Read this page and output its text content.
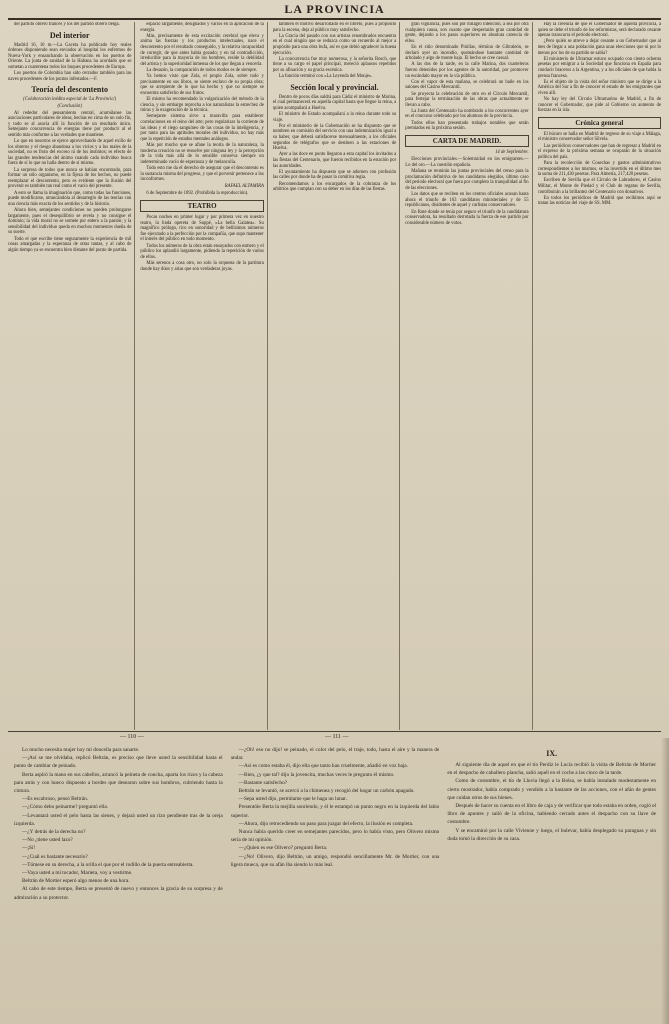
LA PROVINCIA

del partido obrero francés y los del partido obrero belga.

Del interior

Madrid 16, 10 m.—La Gaceta ha publicado hoy reales órdenes disponiendo sean enviados al hospital los enfermos de Nueva-York y ensanchando la observación en los puertos de Oriente. La junta de sanidad de la Habana ha acordado que se sometan a cuarentena todos los buques procedentes de Europa.

Los puertos de Colombia han sido cerrados también para las naves procedentes de los puntos infestados.—F.

Teoría del descontento
(Colaboración inédita especial de 'La Provincia')
(Conclusión)

Al rededor del pensamiento central, acumúlanse las asociaciones particulares de ideas, hechas en cima de un solo fin, y todo se al asocia allí la función de un resultado único. Semejante concurrencia de energías tiene por producir al el sentido más conforme a las verdades que mantiene.

Lo que en nosotros se ejerce aprovechando de aquel exilio de los obreros y el riesgo abandona a los vicios y a los males de la sociedad, no es fruto del exceso ni de los instintos; es efecto de las grandes tendencias del ánimo cuando cada individuo busca fuera de sí lo que no halla dentro de sí mismo.

La sorpresa de todos que nunca se habían encontrado, para formar un sólo organismo, en la fijeza de los hechos, no puede reemplazar el descontento, pero es evidente que la ilusión del provenir es también tan real como el vacío del presente.

A esto se llama la imaginación que, como todas las funciones, puede modificarse, arrancándola al desarreglo de las teorías con una ciencia más exacta de los sentidos y de la historia.

Ahora bien, semejantes condiciones no pueden prolongarse largamente, pues el desequilibrio se revela y no consigue el dominio; la vida moral no se somete por entero a la pasión; y la sensibilidad del individuo queda en muchos momentos dueña de su suerte.

Todo el que escribe tiene seguramente la experiencia de mil cosas amargadas y la esperanza de otras tantas, y al cabo de algún tiempo ya se encuentra bien distante del punto de partida.

espacio largamente, designados y varios en la aplicación de la energía.

Más, precisamente de esta excitación cerebral que eleva y anima las fuerzas y los productos intelectuales, nace el descontento por el resultado conseguido, y la relativa incapacidad de corregir, de que antes había gozado; y en tal contradicción, irreducible para la mayoría de los hombres, reside la debilidad del artista y la superioridad inmensa de los que llegan a vencerla.

La desazón, la comparación de todos modos es de siempre.

Ya hemos visto que Zola, el propio Zola, sobre todo y precisamente en sus libros, se siente esclavo de su propia obra; que se arrepiente de lo que ha hecho y que no siempre se encuentra satisfecho de sus frutos.

El mismo ha recomendado la vulgarización del método de la ciencia, y sin embargo reprocha a los naturalistas la estrechez de miras y la exageración de la técnica.

Semejante sistema sirve a maravilla para establecer correlaciones en el reino del arte; pero regularizar la corriente de las ideas y el riego sanguíneo de las cosas de la inteligencia, y por tanto para las aptitudes morales del individuo, no hay más que la repetición de estados mentales análogos.

Más por mucho que se afane la teoría de la naturaleza, la moderna creación no se resuelve por ninguna ley y la percepción de la vida más allá de lo sensible conserva siempre un indeterminado vacío de esperanza y de melancolía.

Todo esto me da el derecho de asegurar que el descontento es la sustancia misma del progreso, y que el porvenir pertenece a los inconformes.

RAFAEL ALTAMIRA

6 de Septiembre de 1892. (Prohibida la reproducción).

TEATRO

Pocas noches en primer lugar y por primera vez en nuestro teatro, la linda opereta de Suppé, «La bella Galatea». Su magnífico prólogo, rico en sonoridad y de bellísimos números fue ejecutado a la perfección por la compañía, que supo mantener el interés del público en todo momento.

Todos los números de la obra están ensayados con esmero y el público los aplaudió largamente, pidiendo la repetición de varios de ellos.

Más serenos a cosa otro, no solo la orquesta de la partitura donde hay dúos y arias que son verdaderas joyas.

también el motivo desarrollado en el libreto, pues a propósito para la escena, deja al público muy satisfecho.

La Gracia del pasado con sus artistas renombrados encuentra en el cual ningún que se reduzca como un recuerdo al mejor a propósito para una obra bufa, así es que debió agradecer la buena ejecución.

La concurrencia fue muy numerosa, y la señorita Bosch, que tiene a su cargo el papel principal, mereció aplausos repetidos por su afinación y su gracia escénica.

La función terminó con «La Leyenda del Monje».

Sección local y provincial.

Dentro de pocos días saldrá para Cádiz el ministro de Marina, el cual permanecerá en aquella capital hasta que llegue la reina, a quien acompañará a Huelva.

El ministro de Estado acompañará a la reina durante todo su viaje.

Por el ministerio de la Gobernación se ha dispuesto que se nombren en comisión del servicio con una indemnización igual a su haber, que deberá satisfacerse mensualmente, a los oficiales segundos de telégrafos que se destinen a las estaciones de Huelva.

Ayer a las doce en punto llegaron a esta capital los invitados a las fiestas del Centenario, que fueron recibidos en la estación por las autoridades.

El ayuntamiento ha dispuesto que se adornen con profusión las calles por donde ha de pasar la comitiva regia.

Recomendamos a los encargados de la cobranza de los arbitrios que cumplan con su deber en los días de las fiestas.

gran vigilancia, pues son por milagro intención, a sea por otra cualquiera causa, son cuanto que despertarán gran cantidad de gente, dejando a los pasos superiores en absoluta carencia de ellos.

En el sitio denominado Pinillas, término de Gibraleón, se declaró ayer un incendio, quemándose bastante cantidad de arbolado y algo de monte bajo. El hecho se cree casual.

A las dos de la tarde, en la calle Marina, dos cuarteleros fueron detenidos por los agentes de la autoridad, por promover un escándalo mayor en la vía pública.

Con el vapor de esta mañana, se celebrará un baile en los salones del Casino Mercantil.

Se proyecta la celebración de otro en el Círculo Mercantil, para festejar la terminación de las obras que actualmente se llevan a cabo.

La Junta del Centenario ha nombrado a los concurrentes ayer en el concurso celebrado por los alumnos de la provincia.

Todos ellos han presentado trabajos notables que serán premiados en la próxima sesión.

CARTA DE MADRID.
14 de Septiembre.

Elecciones provinciales.—Solemnidad en los emigrantes.—Lo del oro.—La cuestión española.

Mañana se reunirán las juntas provinciales del censo para la proclamación definitiva de los candidatos elegidos, último caso del periodo electoral que fuera por completo la tranquilidad al fin de las elecciones.

Los datos que se reciben en los centros oficiales acusan hasta ahora el triunfo de 163 candidatos ministeriales y de 55 republicanos, disidentes de aquel y carlistas conservadores.

En Rute donde se tenía por seguro el triunfo de la candidatura conservadora, ha resultado derrotada la fuerza de ese partido por considerable número de votos.

Hay la creencia de que el Gobernador de aquella provincia, a quien se debe el triunfo de los reformistas, será declarado cesante apenas transcurra el periodo electoral.

¿Pero quién se atreve a dejar cesante a un Gobernador que al mes de llegar a una población gana unas elecciones que ni por lo menos por los de su partido se sabía?

El ministerio de Ultramar estuvo ocupado con ciento ochenta pesetas por emigrar a la Sociedad que funciona en España para conducir braceros a la Argentina, y a los oficiales de que habla la prensa francesa.

Es el objeto de la visita del señor ministro que se dirige a la América del Sur a fin de conocer el estado de los emigrantes que viven allí.

No hay ley del Círculo Ultramarino de Madrid, a fin de conocer el Gobernador, que pide al Gobierno un aumento de fuerzas en la isla.

Crónica general

El búcaro se halla en Madrid de regreso de su viaje a Málaga, el ministro conservador señor Silvela.

Las periódicos conservadores que han de regresar a Madrid en el expreso de la próxima semana se ocuparán de la situación política del país.

Para la recolección de Cosechas y gastos administrativos correspondientes a los mismos, se ha invertido en el último mes la suma de 211,430 pesetas. Para Almería, 217,420 pesetas.

Escriben de Sevilla que el Círculo de Labradores, el Casino Militar, el Monte de Piedad y el Club de regatas de Sevilla, contribuirán a la brillantez del Centenario con donativos.

En todos los periódicos de Madrid que recibimos aquí se tratan las noticias del viaje de SS. MM.

— 110 —	— 111 —

Lo mucho necesita mujer hoy mi doncella para sanarte.

—¡Así se me olvidaba, replicó Beltrán, es preciso que lleve usted la sensibilidad hasta el punto de cambiar de peinado.

Berta aspiró la mano en sus cabellos, arrancó la peineta de concha, aparta los rizos y la cabeza para atrás y con hueco dispuesto a bordes que desearon sobre sus hombros, cubriendo hasta la cintura.

—Es escabroso, pensó Beltrán.

—¿Cómo debo peinarme? preguntó ella.

—Levantará usted el pelo hasta las sienes, y dejará usted un rizo pendiente tras de la oreja izquierda.

—¿Y detrás de la derecha no?

—No ¿tiene usted lazo?

—¡Sí!

—¿Cuál es bastante necesario?

—Tómese en su derecha, a la orilla el que por el rodillo de la puerta entreabierta.

—Vaya usted a mi tocador, Marieta, voy a vestirme.

Beltrán de Mortier esperó algo menos de una hora.

Al cabo de este tiempo, Berta se presentó de nuevo y entonces la gracia de su sorpresa y de admiración a su protector.

—¿Oh! eso no dijo! se peinado, el color del pelo, el traje, todo, hasta el aire y la manera de andar.

—Así es como estaba él, dijo ella que tanto han cruelmente, añadió en voz baja.

—Bien, ¿y que tal? dijo la jovencita, muchas veces le pregunto él mismo.

—Bastante satisfecho?

Beltrán se levantó, se acercó a la chimenea y recogió del hogar un carbón apagado.

—Sepa usted dijo, permítame que le haga un lunar.

Presentóle Berta la mejilla sonriendo, y él le estampó un punto negro en la izquierda del labio superior.

—Ahora, dijo retrocediendo un paso para juzgar del efecto, la ilusión es completa.

Nunca había querido creer en semejantes parecidos, pero lo había visto, pero Olivero mismo sería de mi opinión.

—¿Quien es ese Olivero? preguntó Berta.

—¿No! Olivero, dijo Beltrán, un amigo, respondió sencillamente Mr. de Mortier, con una ligera mueca, que su afán iba siendo lo más leal.

IX.

Al siguiente día de aquel en que el tío Perdiz le Lucía recibió la visita de Beltrán de Mortier en el despacho de caballero plancha, salió aquél en el coche a las cinco de la tarde.

Como de costumbre, el tío de Lluvia llegó a la Bolsa, se había instalado modestamente en cierto mostrador, había comprado y vendido a la bastante de las acciones, con el afán de gentes que cuidan otros de sus bienes.

Después de hacer su cuenta en el libro de caja y de verificar que todo estaba en orden, cogió el libro de apuntes y salió de la oficina, habiendo cerrado antes el despacho con su llave de costumbre.

Y se encaminó por la calle Vivienne y luego, el bulevar, había desplegado su paraguas y sin duda tomó la dirección de su casa.
